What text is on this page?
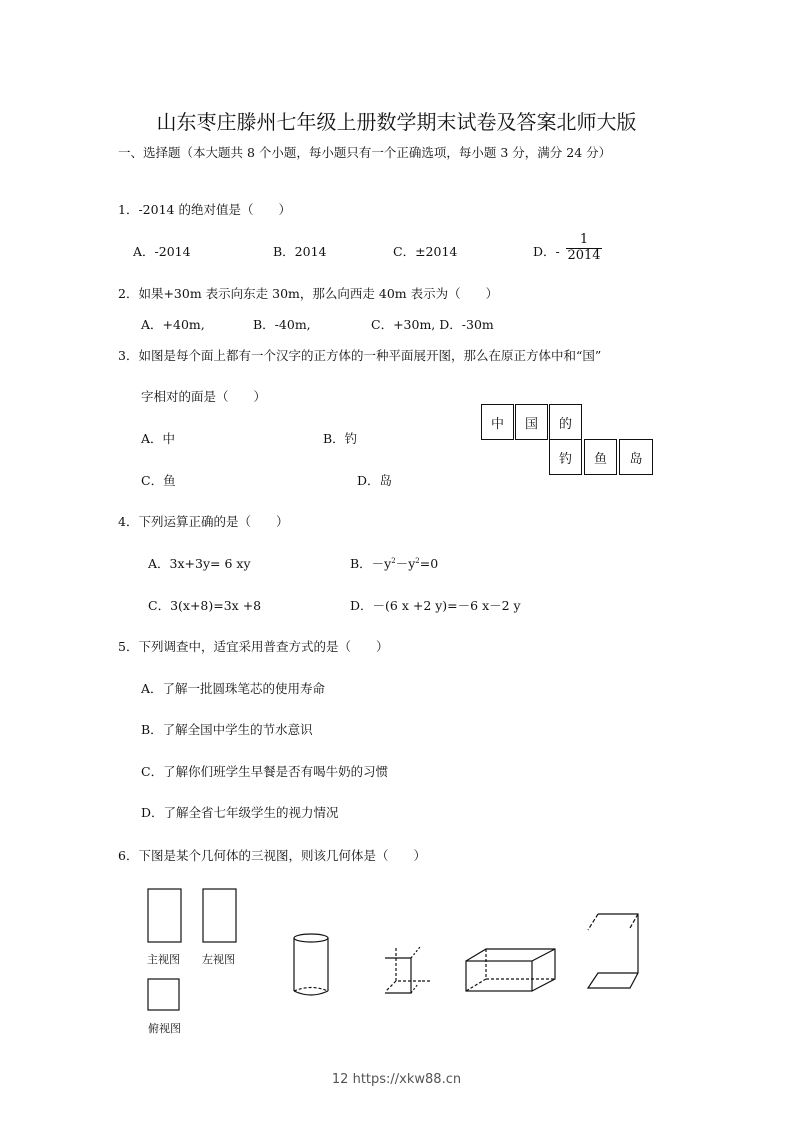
山东枣庄滕州七年级上册数学期末试卷及答案北师大版
一、选择题（本大题共 8 个小题，每小题只有一个正确选项，每小题 3 分，满分 24 分）
1．-2014 的绝对值是（　　）
A．-2014	B．2014	C．±2014	D．- $\frac{1}{2014}$
2．如果+30m 表示向东走 30m，那么向西走 40m 表示为（　　）
A．+40m,	B．-40m,	C．+30m, D．-30m
3．如图是每个面上都有一个汉字的正方体的一种平面展开图，那么在原正方体中和“国”
字相对的面是（　　）
A．中	B．钓
C．鱼	D．岛
中	国	的
钓	鱼	岛
4．下列运算正确的是（　　）
A．3x+3y= 6 xy	B．$-y^2-y^2=0$
C．3(x+8)=3x +8	D．－(6 x +2 y)=－6 x－2 y
5．下列调查中，适宜采用普查方式的是（　　）
A．了解一批圆珠笔芯的使用寿命
B．了解全国中学生的节水意识
C．了解你们班学生早餐是否有喝牛奶的习惯
D．了解全省七年级学生的视力情况
6．下图是某个几何体的三视图，则该几何体是（　　）
主视图 左视图
俯视图
12 https://xkw88.cn
